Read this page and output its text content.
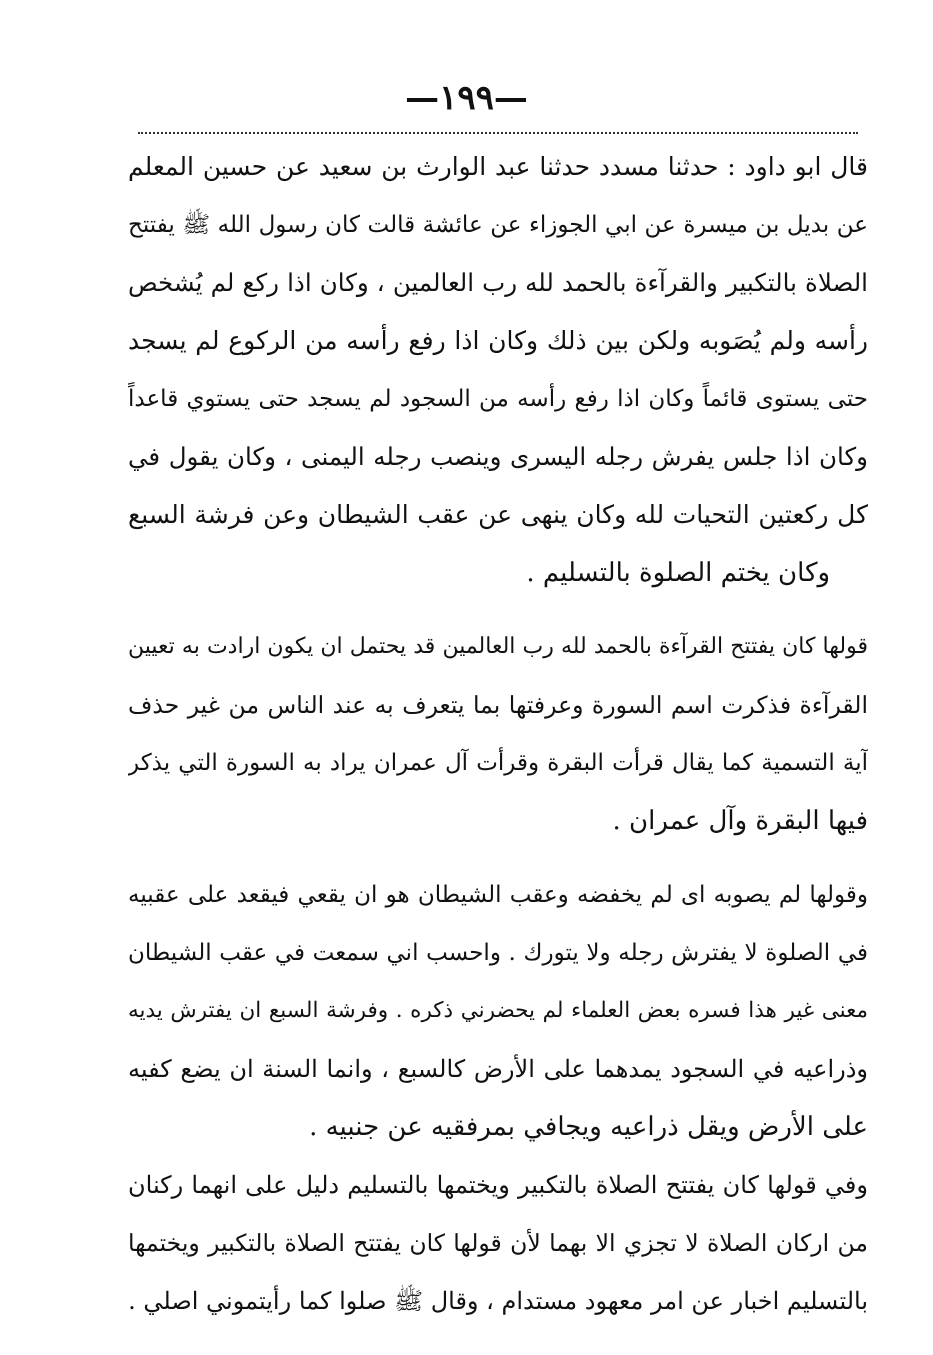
—١٩٩—
قال ابو داود : حدثنا مسدد حدثنا عبد الوارث بن سعيد عن حسين المعلم
عن بديل بن ميسرة عن ابي الجوزاء عن عائشة قالت كان رسول الله ﷺ يفتتح
الصلاة بالتكبير والقرآءة بالحمد لله رب العالمين ، وكان اذا ركع لم يُشخص
رأسه ولم يُصَوبه ولكن بين ذلك وكان اذا رفع رأسه من الركوع لم يسجد
حتى يستوى قائماً وكان اذا رفع رأسه من السجود لم يسجد حتى يستوي قاعداً
وكان اذا جلس يفرش رجله اليسرى وينصب رجله اليمنى ، وكان يقول في
كل ركعتين التحيات لله وكان ينهى عن عقب الشيطان وعن فرشة السبع
وكان يختم الصلوة بالتسليم .
قولها كان يفتتح القرآءة بالحمد لله رب العالمين قد يحتمل ان يكون ارادت به تعيين
القرآءة فذكرت اسم السورة وعرفتها بما يتعرف به عند الناس من غير حذف
آية التسمية كما يقال قرأت البقرة وقرأت آل عمران يراد به السورة التي يذكر
فيها البقرة وآل عمران .
وقولها لم يصوبه اى لم يخفضه وعقب الشيطان هو ان يقعي فيقعد على عقبيه
في الصلوة لا يفترش رجله ولا يتورك . واحسب اني سمعت في عقب الشيطان
معنى غير هذا فسره بعض العلماء لم يحضرني ذكره . وفرشة السبع ان يفترش يديه
وذراعيه في السجود يمدهما على الأرض كالسبع ، وانما السنة ان يضع كفيه
على الأرض ويقل ذراعيه ويجافي بمرفقيه عن جنبيه .
وفي قولها كان يفتتح الصلاة بالتكبير ويختمها بالتسليم دليل على انهما ركنان
من اركان الصلاة لا تجزي الا بهما لأن قولها كان يفتتح الصلاة بالتكبير ويختمها
بالتسليم اخبار عن امر معهود مستدام ، وقال ﷺ صلوا كما رأيتموني اصلي .
